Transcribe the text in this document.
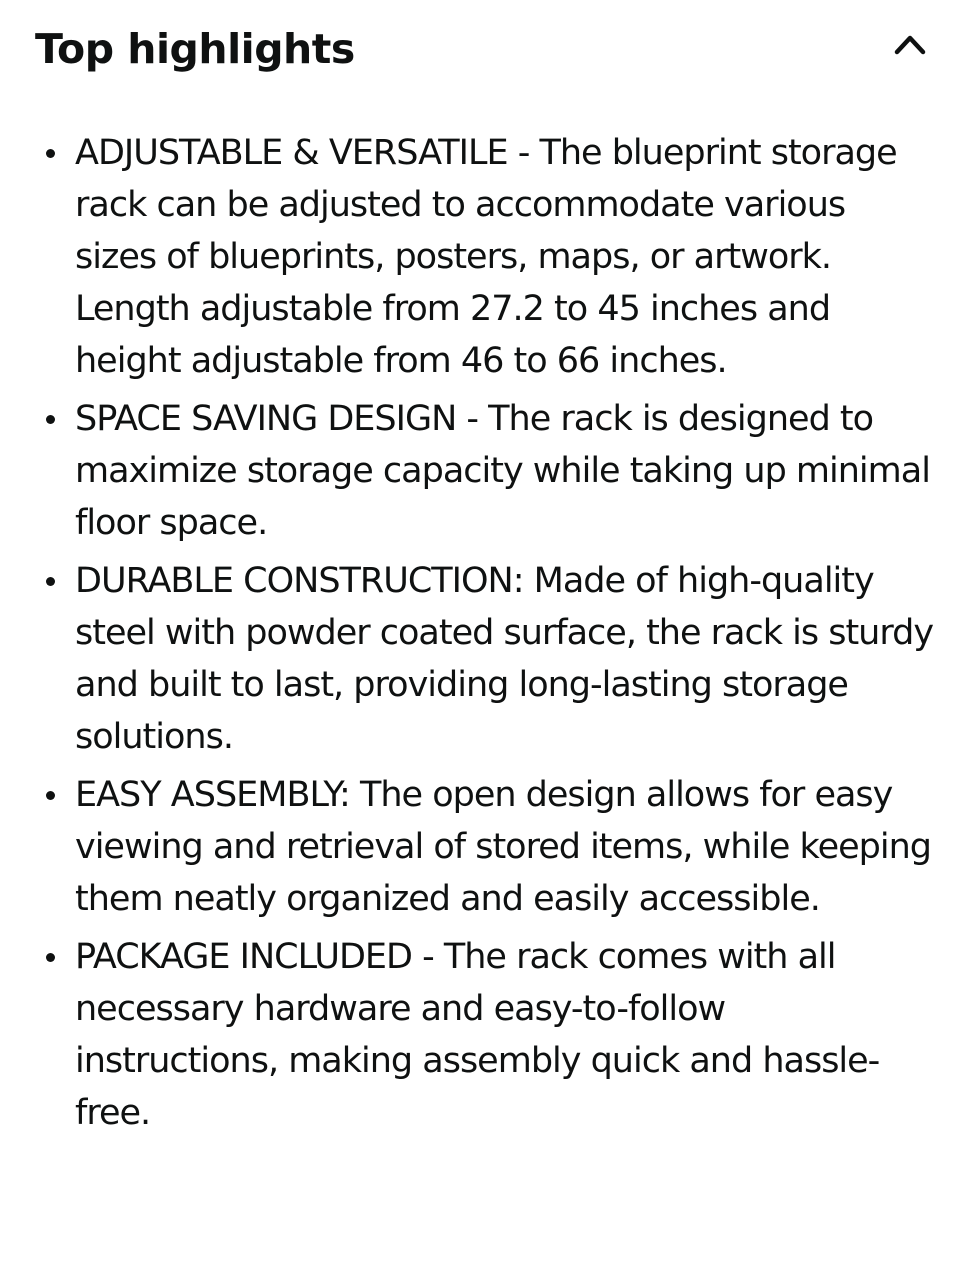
Top highlights
ADJUSTABLE & VERSATILE - The blueprint storage rack can be adjusted to accommodate various sizes of blueprints, posters, maps, or artwork. Length adjustable from 27.2 to 45 inches and height adjustable from 46 to 66 inches.
SPACE SAVING DESIGN - The rack is designed to maximize storage capacity while taking up minimal floor space.
DURABLE CONSTRUCTION: Made of high-quality steel with powder coated surface, the rack is sturdy and built to last, providing long-lasting storage solutions.
EASY ASSEMBLY: The open design allows for easy viewing and retrieval of stored items, while keeping them neatly organized and easily accessible.
PACKAGE INCLUDED - The rack comes with all necessary hardware and easy-to-follow instructions, making assembly quick and hassle-free.
